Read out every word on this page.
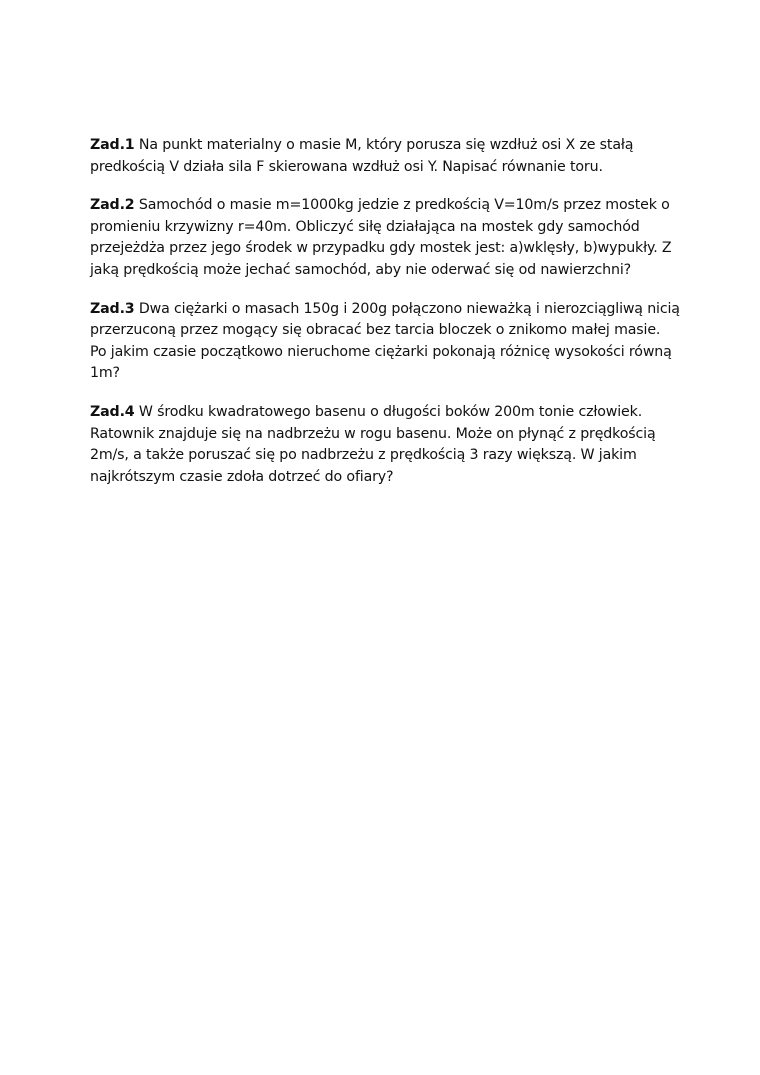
Zad.1 Na punkt materialny o masie M, który porusza się wzdłuż osi X ze stałą predkością V działa sila F skierowana wzdłuż osi Y. Napisać równanie toru.

Zad.2 Samochód o masie m=1000kg jedzie z predkością V=10m/s przez mostek o promieniu krzywizny r=40m. Obliczyć siłę działająca na mostek gdy samochód przejeżdża przez jego środek w przypadku gdy mostek jest: a)wklęsły, b)wypukły. Z jaką prędkością może jechać samochód, aby nie oderwać się od nawierzchni?

Zad.3 Dwa ciężarki o masach 150g i 200g połączono nieważką i nierozciągliwą nicią przerzuconą przez mogący się obracać bez tarcia bloczek o znikomo małej masie. Po jakim czasie początkowo nieruchome ciężarki pokonają różnicę wysokości równą 1m?

Zad.4 W środku kwadratowego basenu o długości boków 200m tonie człowiek. Ratownik znajduje się na nadbrzeżu w rogu basenu. Może on płynąć z prędkością 2m/s, a także poruszać się po nadbrzeżu z prędkością 3 razy większą. W jakim najkrótszym czasie zdoła dotrzeć do ofiary?
